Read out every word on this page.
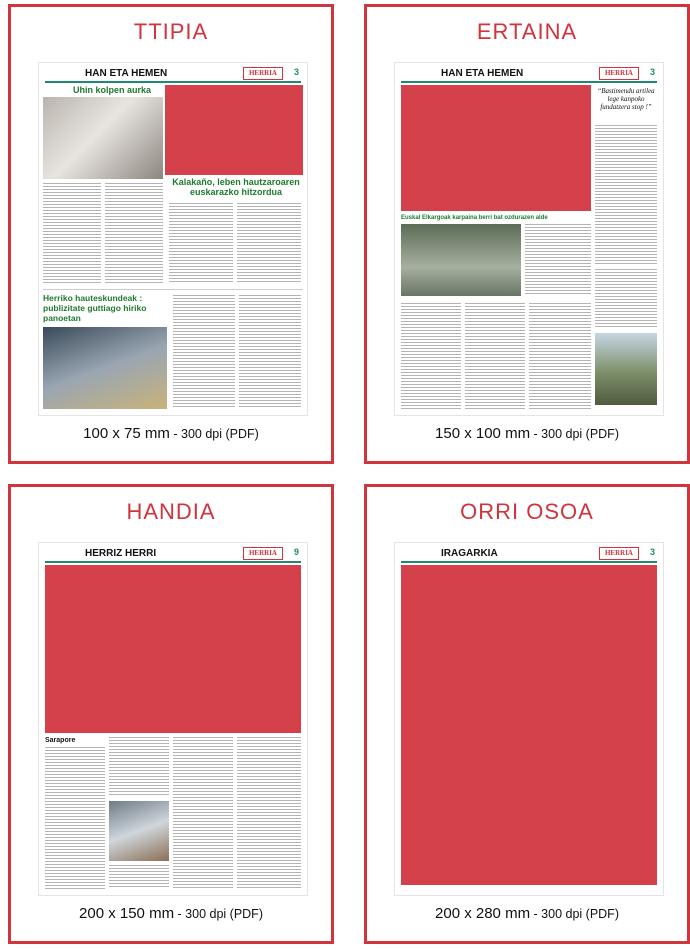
TTIPIA
HAN ETA HEMEN	HERRIA	3
Uhin kolpen aurka
Kalakaño, leben hautzaroaren euskarazko hitzordua
Herriko hauteskundeak : publizitate guttiago hiriko panoetan
100 x 75 mm - 300 dpi (PDF)
ERTAINA
HAN ETA HEMEN	HERRIA	3
“Bastimendu artilea lege kanpoko fundatzera stop !”
Euskal Elkargoak karpaina berri bat ozdurazen alde
150 x 100 mm - 300 dpi (PDF)
HANDIA
HERRIZ HERRI	HERRIA	9
Sarapore
200 x 150 mm - 300 dpi (PDF)
ORRI OSOA
IRAGARKIA	HERRIA	3
200 x 280 mm - 300 dpi (PDF)
